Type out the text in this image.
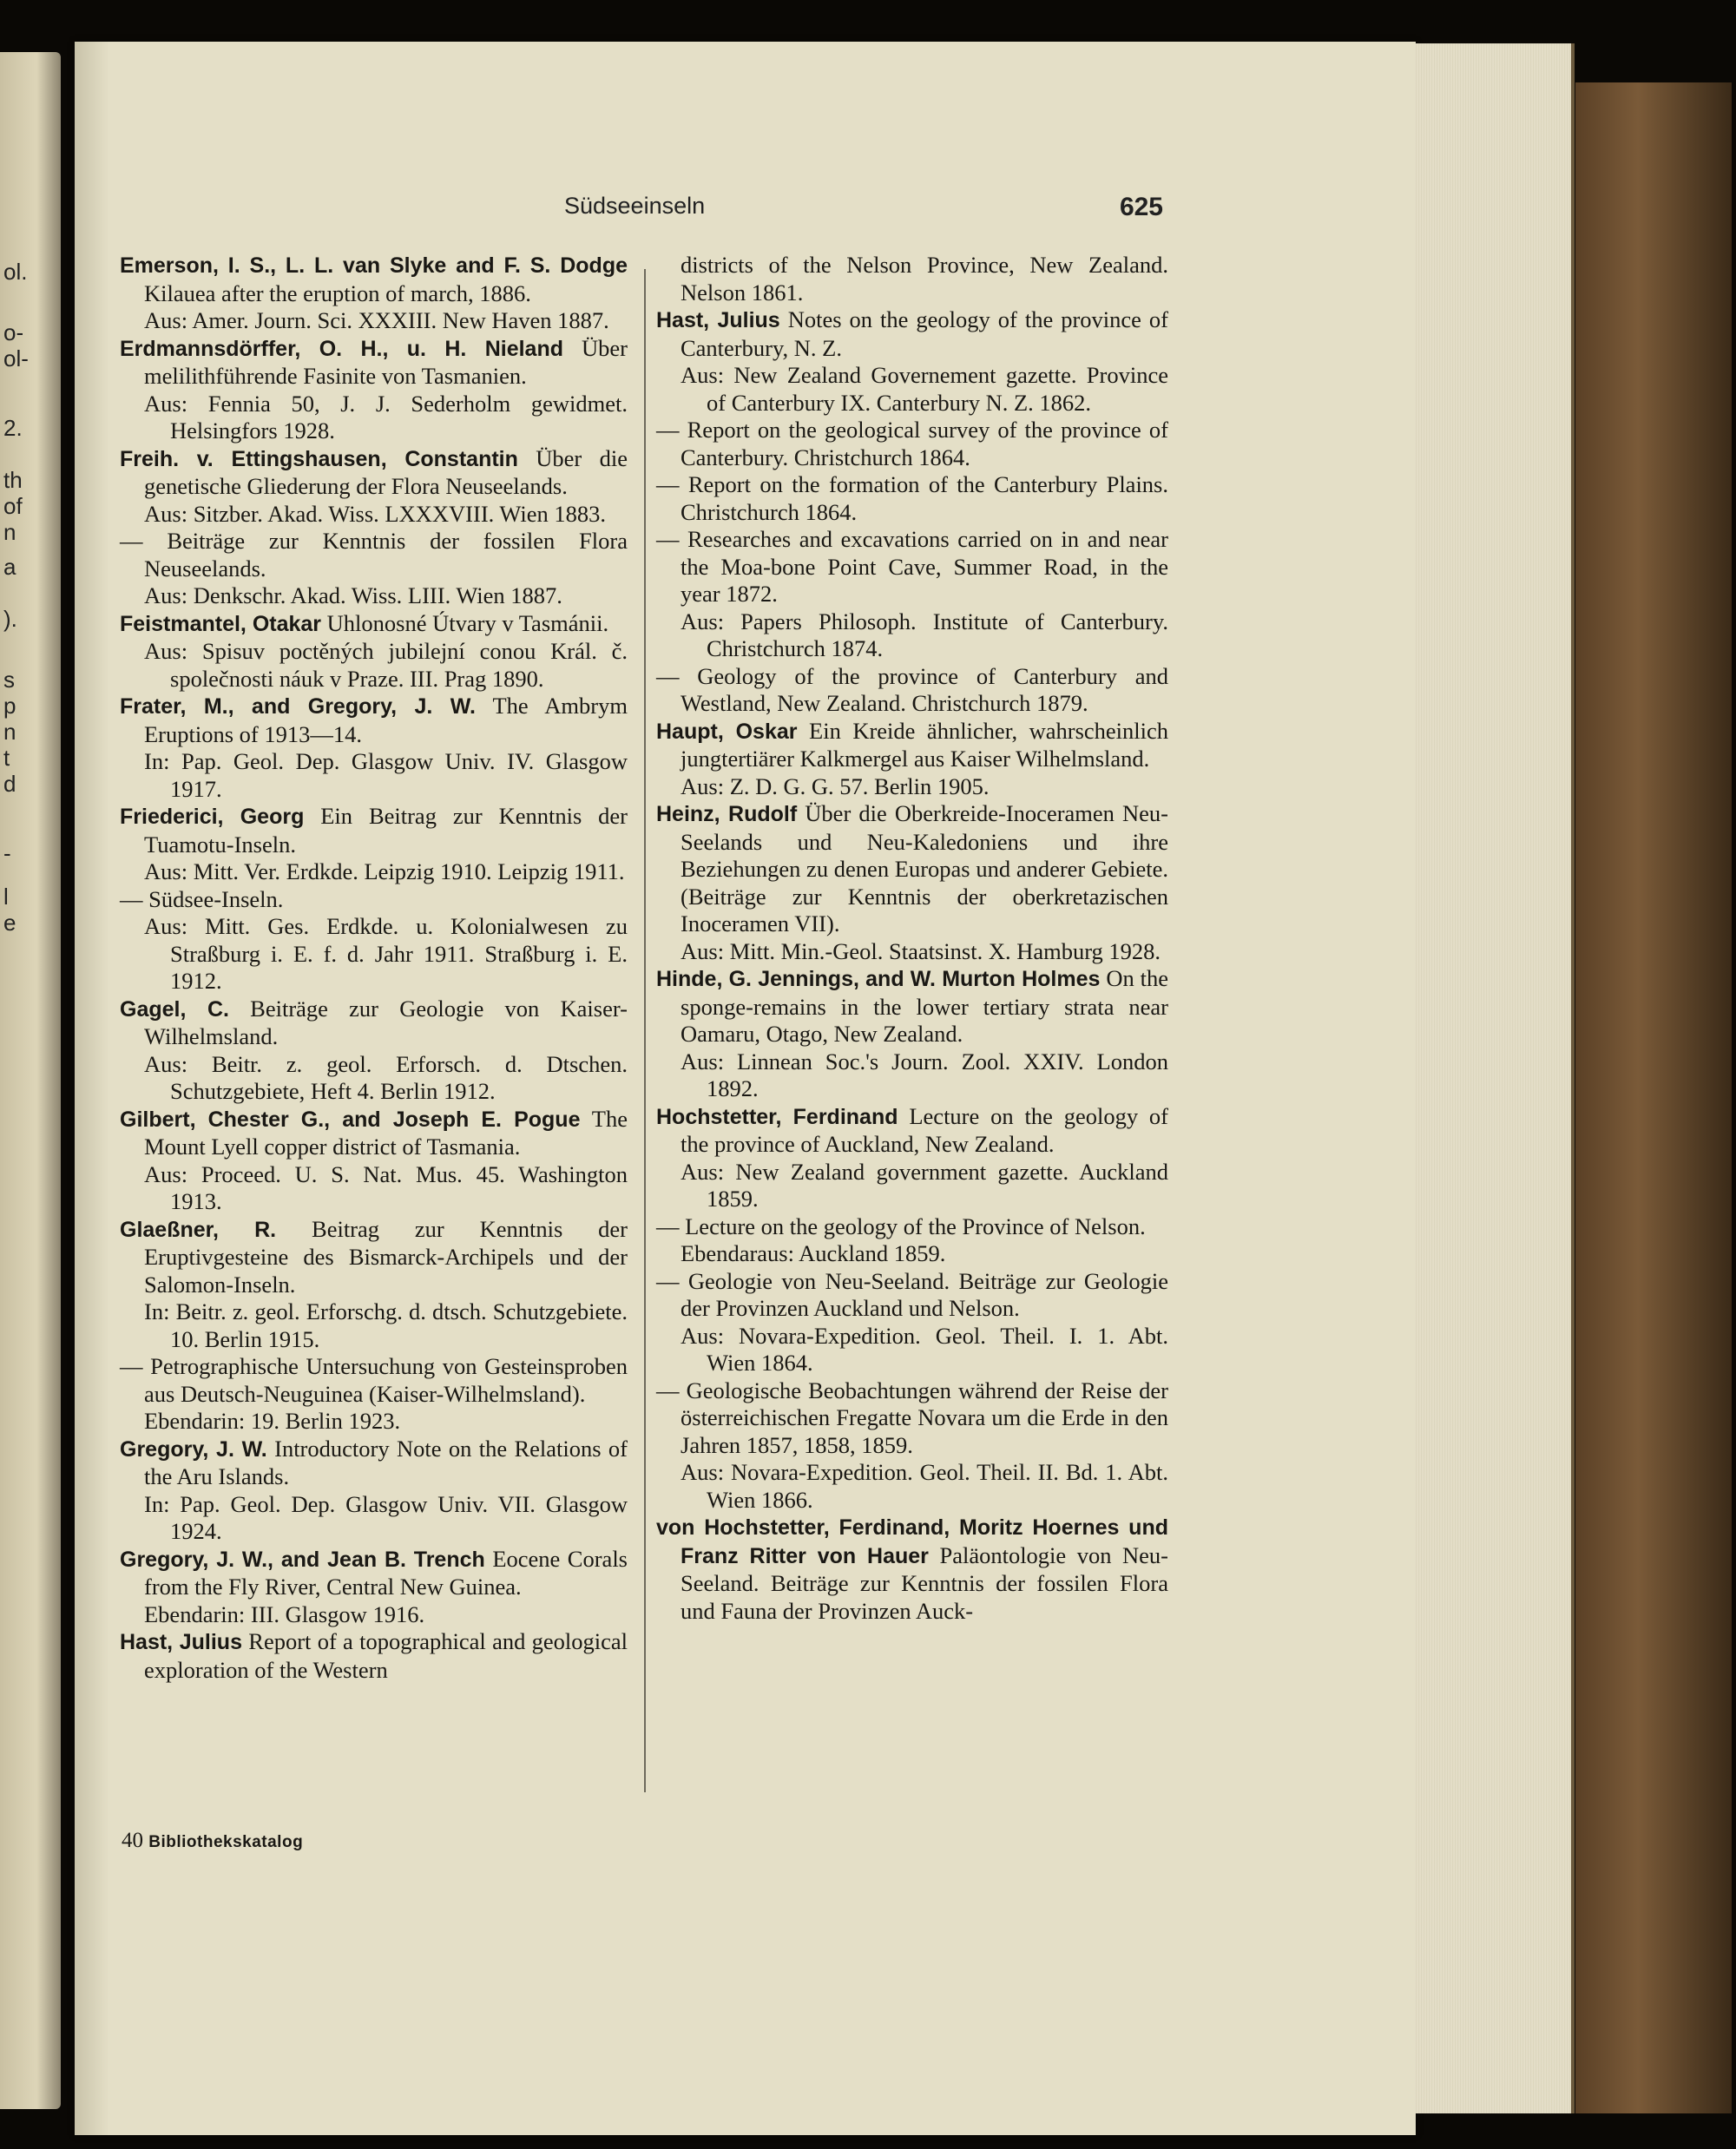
ol.
o-
ol-
2.
th
of
n
a
).
s
p
n
t
d
-
l
e
Südseeinseln	625
Emerson, I. S., L. L. van Slyke and F. S. Dodge Kilauea after the eruption of march, 1886.
Aus: Amer. Journ. Sci. XXXIII. New Haven 1887.
Erdmannsdörffer, O. H., u. H. Nieland Über melilithführende Fasinite von Tasmanien.
Aus: Fennia 50, J. J. Sederholm gewidmet. Helsingfors 1928.
Freih. v. Ettingshausen, Constantin Über die genetische Gliederung der Flora Neuseelands.
Aus: Sitzber. Akad. Wiss. LXXXVIII. Wien 1883.
— Beiträge zur Kenntnis der fossilen Flora Neuseelands.
Aus: Denkschr. Akad. Wiss. LIII. Wien 1887.
Feistmantel, Otakar Uhlonosné Útvary v Tasmánii.
Aus: Spisuv poctěných jubilejní conou Král. č. společnosti náuk v Praze. III. Prag 1890.
Frater, M., and Gregory, J. W. The Ambrym Eruptions of 1913—14.
In: Pap. Geol. Dep. Glasgow Univ. IV. Glasgow 1917.
Friederici, Georg Ein Beitrag zur Kenntnis der Tuamotu-Inseln.
Aus: Mitt. Ver. Erdkde. Leipzig 1910. Leipzig 1911.
— Südsee-Inseln.
Aus: Mitt. Ges. Erdkde. u. Kolonialwesen zu Straßburg i. E. f. d. Jahr 1911. Straßburg i. E. 1912.
Gagel, C. Beiträge zur Geologie von Kaiser-Wilhelmsland.
Aus: Beitr. z. geol. Erforsch. d. Dtschen. Schutzgebiete, Heft 4. Berlin 1912.
Gilbert, Chester G., and Joseph E. Pogue The Mount Lyell copper district of Tasmania.
Aus: Proceed. U. S. Nat. Mus. 45. Washington 1913.
Glaeßner, R. Beitrag zur Kenntnis der Eruptivgesteine des Bismarck-Archipels und der Salomon-Inseln.
In: Beitr. z. geol. Erforschg. d. dtsch. Schutzgebiete. 10. Berlin 1915.
— Petrographische Untersuchung von Gesteinsproben aus Deutsch-Neuguinea (Kaiser-Wilhelmsland).
Ebendarin: 19. Berlin 1923.
Gregory, J. W. Introductory Note on the Relations of the Aru Islands.
In: Pap. Geol. Dep. Glasgow Univ. VII. Glasgow 1924.
Gregory, J. W., and Jean B. Trench Eocene Corals from the Fly River, Central New Guinea.
Ebendarin: III. Glasgow 1916.
Hast, Julius Report of a topographical and geological exploration of the Western
districts of the Nelson Province, New Zealand. Nelson 1861.
Hast, Julius Notes on the geology of the province of Canterbury, N. Z.
Aus: New Zealand Governement gazette. Province of Canterbury IX. Canterbury N. Z. 1862.
— Report on the geological survey of the province of Canterbury. Christchurch 1864.
— Report on the formation of the Canterbury Plains. Christchurch 1864.
— Researches and excavations carried on in and near the Moa-bone Point Cave, Summer Road, in the year 1872.
Aus: Papers Philosoph. Institute of Canterbury. Christchurch 1874.
— Geology of the province of Canterbury and Westland, New Zealand. Christchurch 1879.
Haupt, Oskar Ein Kreide ähnlicher, wahrscheinlich jungtertiärer Kalkmergel aus Kaiser Wilhelmsland.
Aus: Z. D. G. G. 57. Berlin 1905.
Heinz, Rudolf Über die Oberkreide-Inoceramen Neu-Seelands und Neu-Kaledoniens und ihre Beziehungen zu denen Europas und anderer Gebiete. (Beiträge zur Kenntnis der oberkretazischen Inoceramen VII).
Aus: Mitt. Min.-Geol. Staatsinst. X. Hamburg 1928.
Hinde, G. Jennings, and W. Murton Holmes On the sponge-remains in the lower tertiary strata near Oamaru, Otago, New Zealand.
Aus: Linnean Soc.'s Journ. Zool. XXIV. London 1892.
Hochstetter, Ferdinand Lecture on the geology of the province of Auckland, New Zealand.
Aus: New Zealand government gazette. Auckland 1859.
— Lecture on the geology of the Province of Nelson.
Ebendaraus: Auckland 1859.
— Geologie von Neu-Seeland. Beiträge zur Geologie der Provinzen Auckland und Nelson.
Aus: Novara-Expedition. Geol. Theil. I. 1. Abt. Wien 1864.
— Geologische Beobachtungen während der Reise der österreichischen Fregatte Novara um die Erde in den Jahren 1857, 1858, 1859.
Aus: Novara-Expedition. Geol. Theil. II. Bd. 1. Abt. Wien 1866.
von Hochstetter, Ferdinand, Moritz Hoernes und Franz Ritter von Hauer Paläontologie von Neu-Seeland. Beiträge zur Kenntnis der fossilen Flora und Fauna der Provinzen Auck-
40 Bibliothekskatalog
